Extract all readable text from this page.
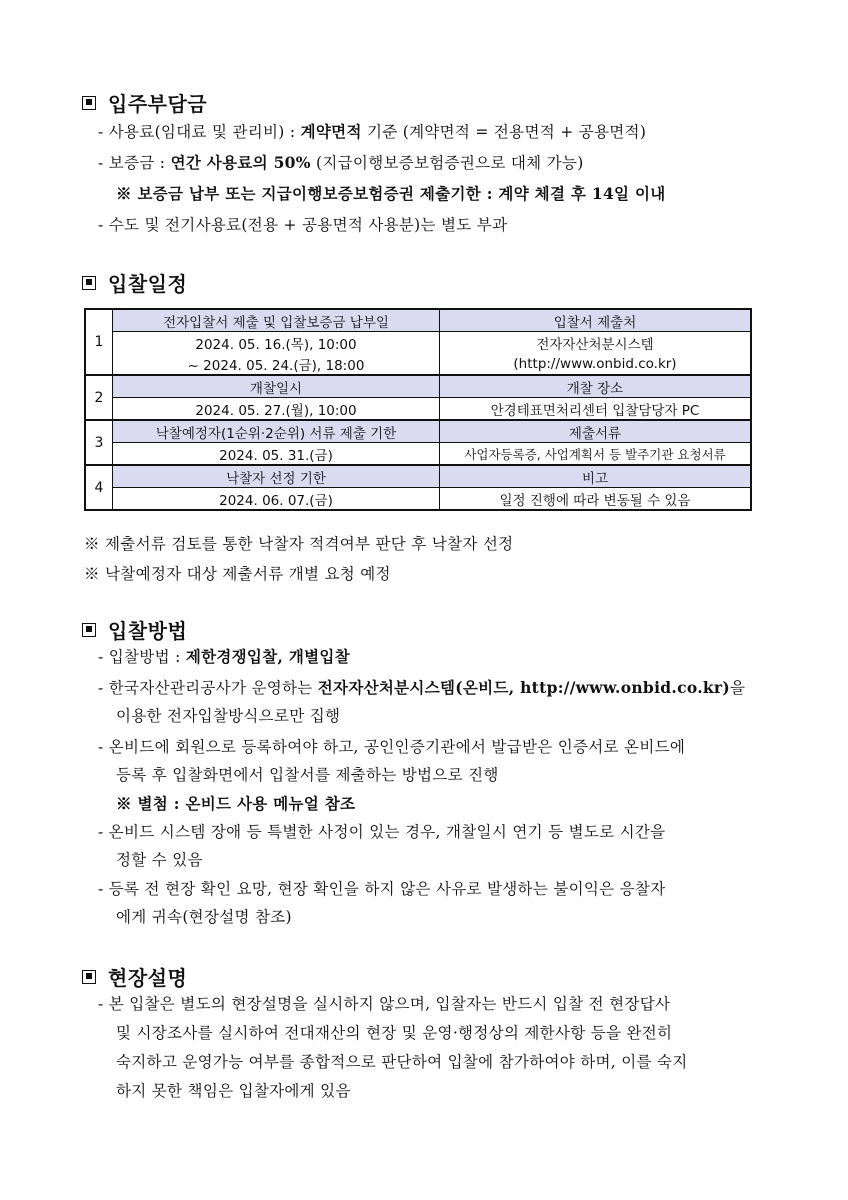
입주부담금
- 사용료(임대료 및 관리비) : 계약면적 기준 (계약면적 = 전용면적 + 공용면적)
- 보증금 : 연간 사용료의 50% (지급이행보증보험증권으로 대체 가능)
※ 보증금 납부 또는 지급이행보증보험증권 제출기한 : 계약 체결 후 14일 이내
- 수도 및 전기사용료(전용 + 공용면적 사용분)는 별도 부과
입찰일정
1	전자입찰서 제출 및 입찰보증금 납부일	입찰서 제출처
	2024. 05. 16.(목), 10:00	전자자산처분시스템
	~ 2024. 05. 24.(금), 18:00	(http://www.onbid.co.kr)
2	개찰일시	개찰 장소
	2024. 05. 27.(월), 10:00	안경테표면처리센터 입찰담당자 PC
3	낙찰예정자(1순위·2순위) 서류 제출 기한	제출서류
	2024. 05. 31.(금)	사업자등록증, 사업계획서 등 발주기관 요청서류
4	낙찰자 선정 기한	비고
	2024. 06. 07.(금)	일정 진행에 따라 변동될 수 있음
※ 제출서류 검토를 통한 낙찰자 적격여부 판단 후 낙찰자 선정
※ 낙찰예정자 대상 제출서류 개별 요청 예정
입찰방법
- 입찰방법 : 제한경쟁입찰, 개별입찰
- 한국자산관리공사가 운영하는 전자자산처분시스템(온비드, http://www.onbid.co.kr)을
이용한 전자입찰방식으로만 집행
- 온비드에 회원으로 등록하여야 하고, 공인인증기관에서 발급받은 인증서로 온비드에
등록 후 입찰화면에서 입찰서를 제출하는 방법으로 진행
※ 별첨 : 온비드 사용 메뉴얼 참조
- 온비드 시스템 장애 등 특별한 사정이 있는 경우, 개찰일시 연기 등 별도로 시간을
정할 수 있음
- 등록 전 현장 확인 요망, 현장 확인을 하지 않은 사유로 발생하는 불이익은 응찰자
에게 귀속(현장설명 참조)
현장설명
- 본 입찰은 별도의 현장설명을 실시하지 않으며, 입찰자는 반드시 입찰 전 현장답사
및 시장조사를 실시하여 전대재산의 현장 및 운영·행정상의 제한사항 등을 완전히
숙지하고 운영가능 여부를 종합적으로 판단하여 입찰에 참가하여야 하며, 이를 숙지
하지 못한 책임은 입찰자에게 있음
